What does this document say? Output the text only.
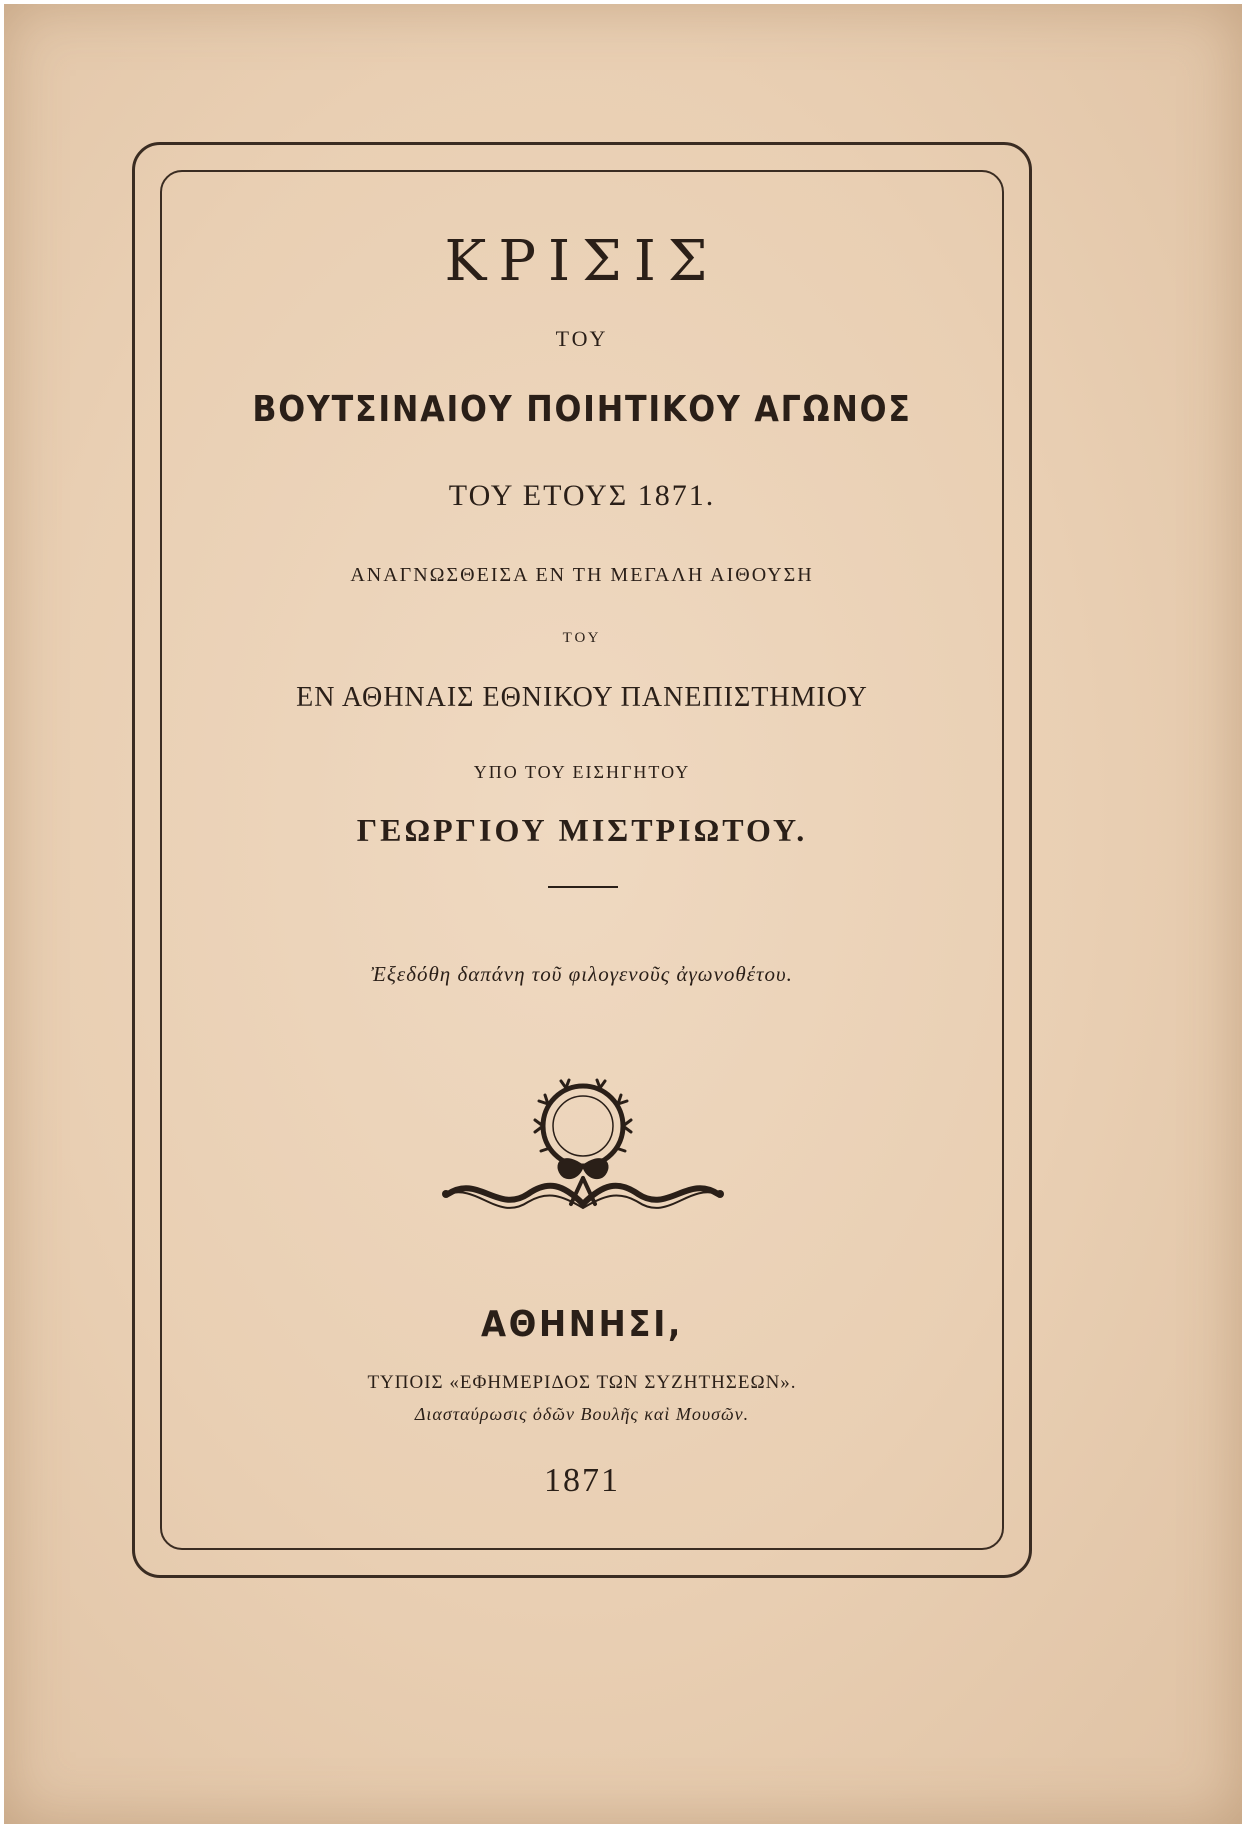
ΚΡΙΣΙΣ
ΤΟΥ
ΒΟΥΤΣΙΝΑΙΟΥ ΠΟΙΗΤΙΚΟΥ ΑΓΩΝΟΣ
ΤΟΥ ΕΤΟΥΣ 1871.
ΑΝΑΓΝΩΣΘΕΙΣΑ ΕΝ ΤΗ ΜΕΓΑΛΗ ΑΙΘΟΥΣΗ
ΤΟΥ
ΕΝ ΑΘΗΝΑΙΣ ΕΘΝΙΚΟΥ ΠΑΝΕΠΙΣΤΗΜΙΟΥ
ΥΠΟ ΤΟΥ ΕΙΣΗΓΗΤΟΥ
ΓΕΩΡΓΙΟΥ ΜΙΣΤΡΙΩΤΟΥ.
Ἐξεδόθη δαπάνη τοῦ φιλογενοῦς ἀγωνοθέτου.
ΑΘΗΝΗΣΙ,
ΤΥΠΟΙΣ «ΕΦΗΜΕΡΙΔΟΣ ΤΩΝ ΣΥΖΗΤΗΣΕΩΝ».
Διασταύρωσις ὁδῶν Βουλῆς καὶ Μουσῶν.
1871
